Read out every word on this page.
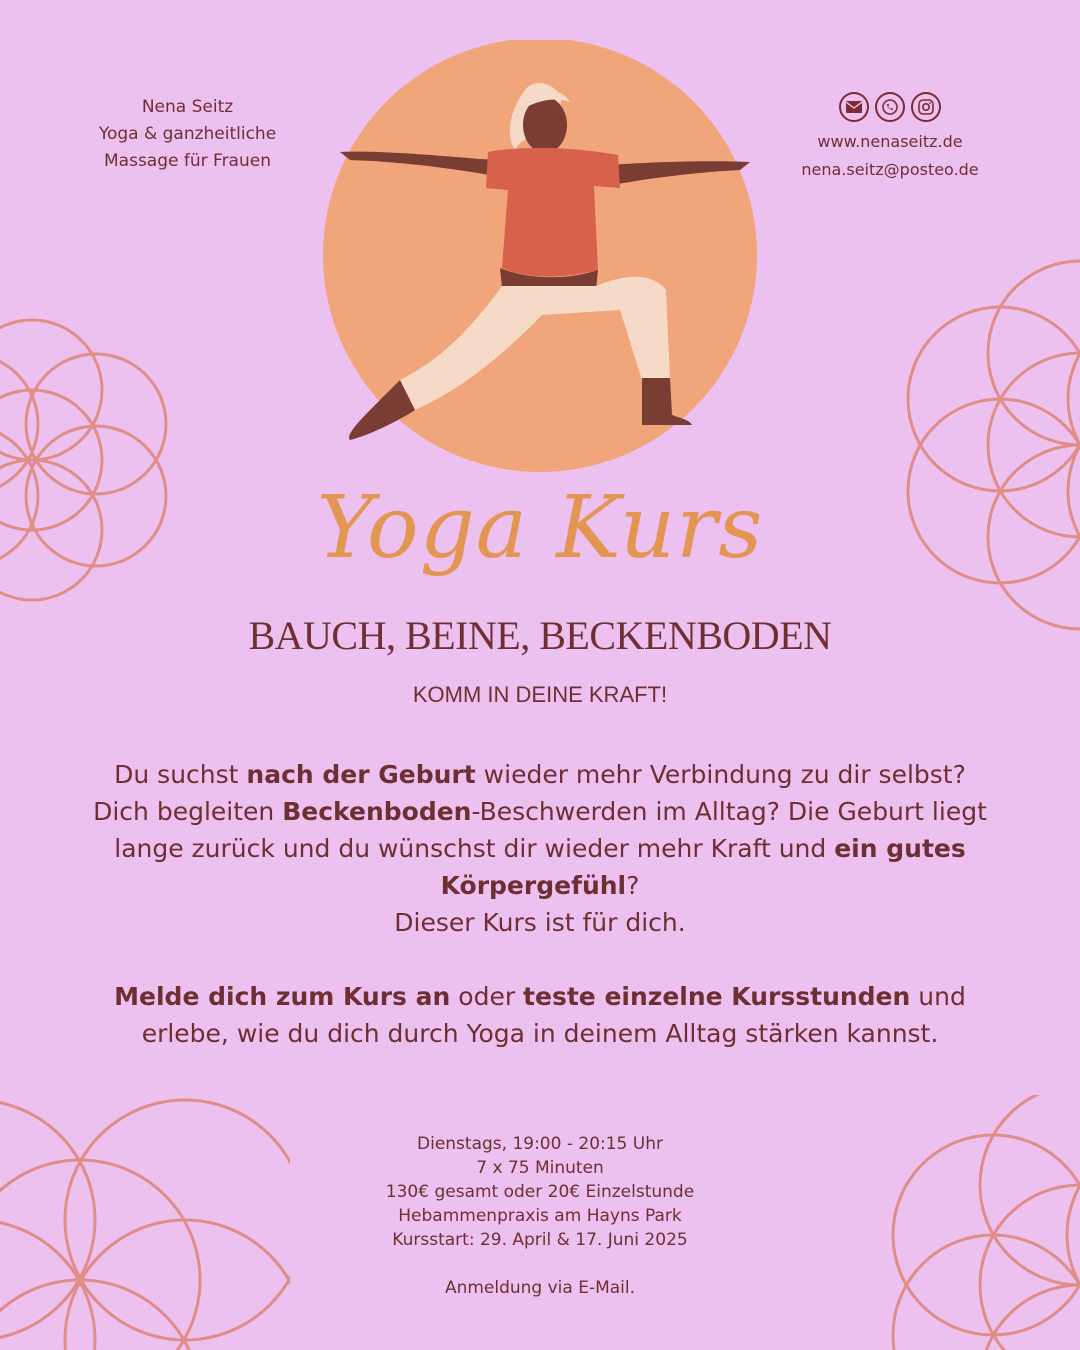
Nena Seitz
Yoga & ganzheitliche
Massage für Frauen
www.nenaseitz.de
nena.seitz@posteo.de
Yoga Kurs
BAUCH, BEINE, BECKENBODEN
KOMM IN DEINE KRAFT!
Du suchst nach der Geburt wieder mehr Verbindung zu dir selbst? Dich begleiten Beckenboden-Beschwerden im Alltag? Die Geburt liegt lange zurück und du wünschst dir wieder mehr Kraft und ein gutes Körpergefühl?
Dieser Kurs ist für dich.
Melde dich zum Kurs an oder teste einzelne Kursstunden und erlebe, wie du dich durch Yoga in deinem Alltag stärken kannst.
Dienstags, 19:00 - 20:15 Uhr
7 x 75 Minuten
130€ gesamt oder 20€ Einzelstunde
Hebammenpraxis am Hayns Park
Kursstart: 29. April & 17. Juni 2025
Anmeldung via E-Mail.
